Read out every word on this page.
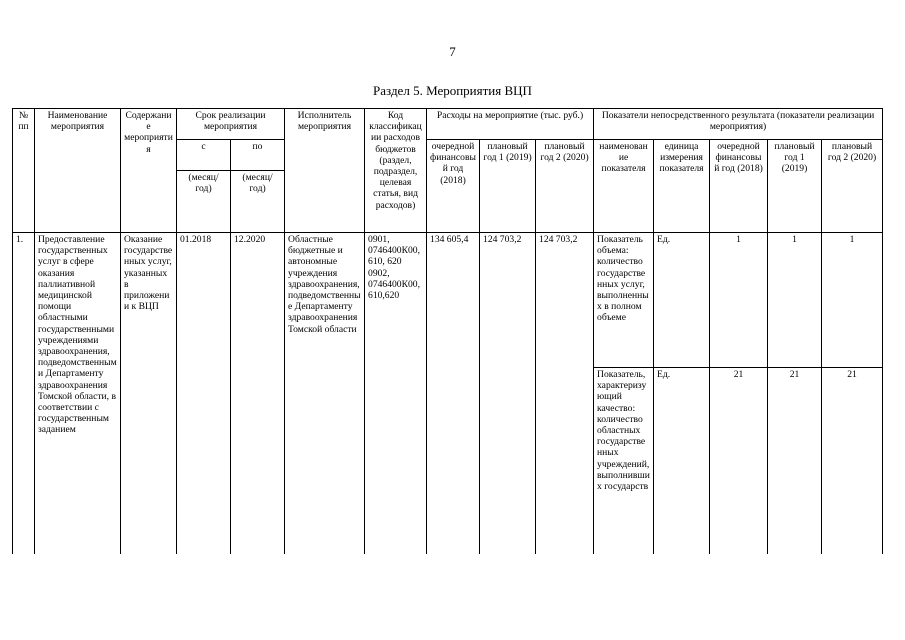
7
Раздел 5. Мероприятия ВЦП
№ пп	Наименование мероприятия	Содержание мероприятия	Срок реализации мероприятия		Исполнитель мероприятия	Код классификации расходов бюджетов (раздел, подраздел, целевая статья, вид расходов)	Расходы на мероприятие (тыс. руб.)			Показатели непосредственного результата (показатели реализации мероприятия)				
			с	по			очередной финансовый год (2018)	плановый год 1 (2019)	плановый год 2 (2020)	наименование показателя	единица измерения показателя	очередной финансовый год (2018)	плановый год 1 (2019)	плановый год 2 (2020)
			(месяц/ год)	(месяц/ год)										
1.	Предоставление государственных услуг в сфере оказания паллиативной медицинской помощи областными государственными учреждениями здравоохранения, подведомственными Департаменту здравоохранения Томской области, в соответствии с государственным заданием	Оказание государственных услуг, указанных в приложении к ВЦП	01.2018	12.2020	Областные бюджетные и автономные учреждения здравоохранения, подведомственные Департаменту здравоохранения Томской области	0901, 0746400К00, 610, 620 0902, 0746400К00, 610,620	134 605,4	124 703,2	124 703,2	Показатель объема: количество государственных услуг, выполненных в полном объеме	Ед.	1	1	1
										Показатель, характеризующий качество: количество областных государственных учреждений, выполнивших государств	Ед.	21	21	21
